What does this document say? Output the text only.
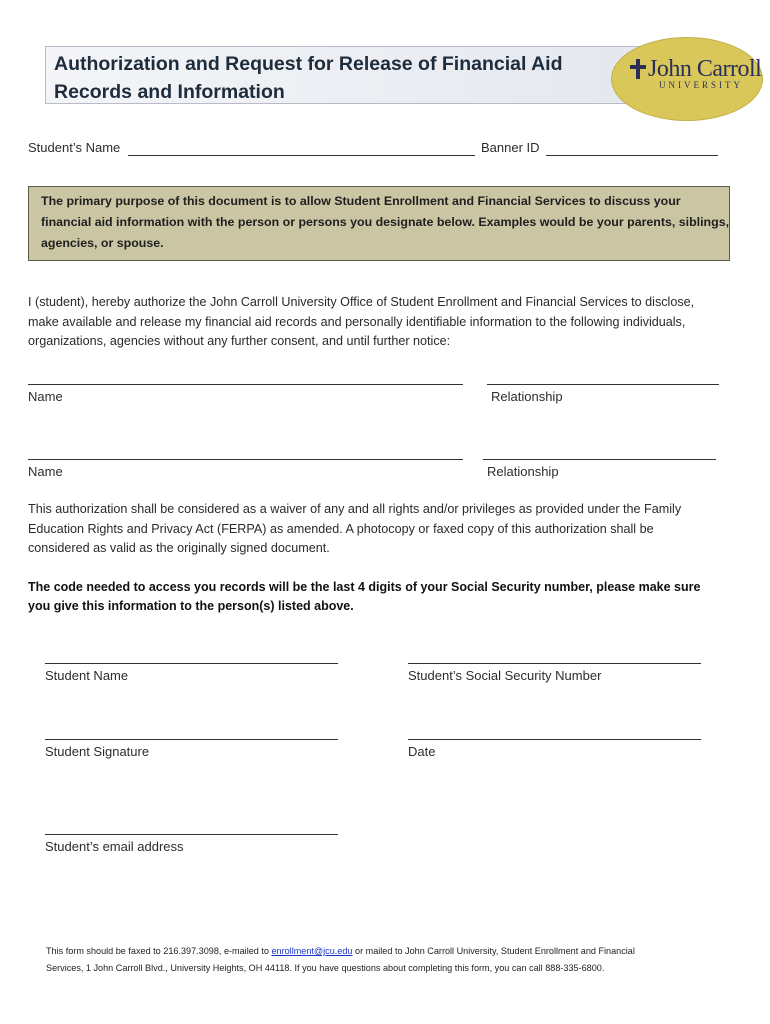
Authorization and Request for Release of Financial Aid
Records and Information
John Carroll
UNIVERSITY
Student’s Name	Banner ID
The primary purpose of this document is to allow Student Enrollment and Financial Services to discuss your financial aid information with the person or persons you designate below. Examples would be your parents, siblings, agencies, or spouse.
I (student), hereby authorize the John Carroll University Office of Student Enrollment and Financial Services to disclose, make available and release my financial aid records and personally identifiable information to the following individuals, organizations, agencies without any further consent, and until further notice:
Name	Relationship
Name	Relationship
This authorization shall be considered as a waiver of any and all rights and/or privileges as provided under the Family Education Rights and Privacy Act (FERPA) as amended. A photocopy or faxed copy of this authorization shall be considered as valid as the originally signed document.
The code needed to access you records will be the last 4 digits of your Social Security number, please make sure you give this information to the person(s) listed above.
Student Name	Student’s Social Security Number
Student Signature	Date
Student’s email address
This form should be faxed to 216.397.3098, e-mailed to enrollment@jcu.edu or mailed to John Carroll University, Student Enrollment and Financial
Services, 1 John Carroll Blvd., University Heights, OH 44118. If you have questions about completing this form, you can call 888-335-6800.
